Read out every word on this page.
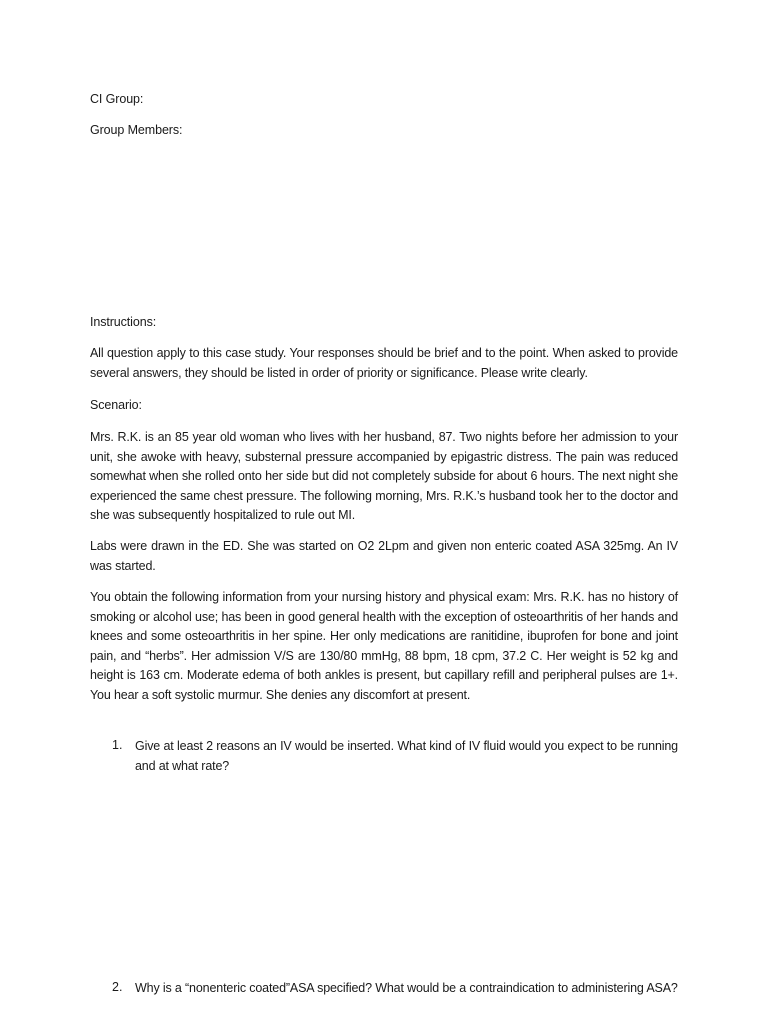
CI Group:
Group Members:
Instructions:
All question apply to this case study. Your responses should be brief and to the point. When asked to provide several answers, they should be listed in order of priority or significance. Please write clearly.
Scenario:
Mrs. R.K. is an 85 year old woman who lives with her husband, 87. Two nights before her admission to your unit, she awoke with heavy, substernal pressure accompanied by epigastric distress. The pain was reduced somewhat when she rolled onto her side but did not completely subside for about 6 hours. The next night she experienced the same chest pressure. The following morning, Mrs. R.K.’s husband took her to the doctor and she was subsequently hospitalized to rule out MI.
Labs were drawn in the ED. She was started on O2 2Lpm and given non enteric coated ASA 325mg. An IV was started.
You obtain the following information from your nursing history and physical exam: Mrs. R.K. has no history of smoking or alcohol use; has been in good general health with the exception of osteoarthritis of her hands and knees and some osteoarthritis in her spine. Her only medications are ranitidine, ibuprofen for bone and joint pain, and “herbs”. Her admission V/S are 130/80 mmHg, 88 bpm, 18 cpm, 37.2 C. Her weight is 52 kg and height is 163 cm. Moderate edema of both ankles is present, but capillary refill and peripheral pulses are 1+. You hear a soft systolic murmur. She denies any discomfort at present.
1. Give at least 2 reasons an IV would be inserted. What kind of IV fluid would you expect to be running and at what rate?
2. Why is a “nonenteric coated”ASA specified? What would be a contraindication to administering ASA?
